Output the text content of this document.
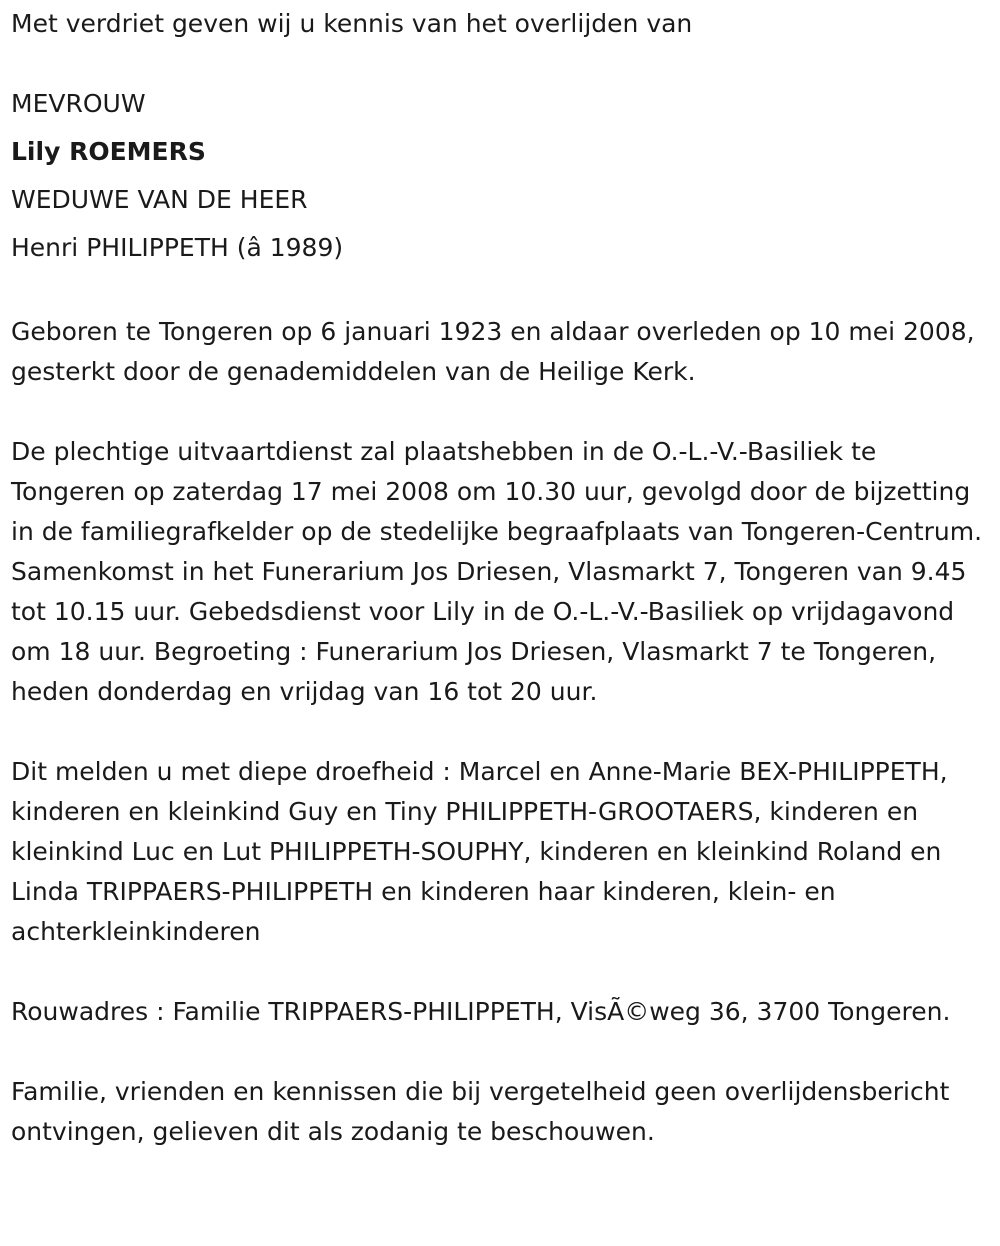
Met verdriet geven wij u kennis van het overlijden van

MEVROUW

Lily ROEMERS

WEDUWE VAN DE HEER

Henri PHILIPPETH (â 1989)

Geboren te Tongeren op 6 januari 1923 en aldaar overleden op 10 mei 2008, gesterkt door de genademiddelen van de Heilige Kerk.

De plechtige uitvaartdienst zal plaatshebben in de O.-L.-V.-Basiliek te Tongeren op zaterdag 17 mei 2008 om 10.30 uur, gevolgd door de bijzetting in de familiegrafkelder op de stedelijke begraafplaats van Tongeren-Centrum. Samenkomst in het Funerarium Jos Driesen, Vlasmarkt 7, Tongeren van 9.45 tot 10.15 uur. Gebedsdienst voor Lily in de O.-L.-V.-Basiliek op vrijdagavond om 18 uur. Begroeting : Funerarium Jos Driesen, Vlasmarkt 7 te Tongeren, heden donderdag en vrijdag van 16 tot 20 uur.

Dit melden u met diepe droefheid : Marcel en Anne-Marie BEX-PHILIPPETH, kinderen en kleinkind Guy en Tiny PHILIPPETH-GROOTAERS, kinderen en kleinkind Luc en Lut PHILIPPETH-SOUPHY, kinderen en kleinkind Roland en Linda TRIPPAERS-PHILIPPETH en kinderen haar kinderen, klein- en achterkleinkinderen

Rouwadres : Familie TRIPPAERS-PHILIPPETH, VisÃ©weg 36, 3700 Tongeren.

Familie, vrienden en kennissen die bij vergetelheid geen overlijdensbericht ontvingen, gelieven dit als zodanig te beschouwen.
